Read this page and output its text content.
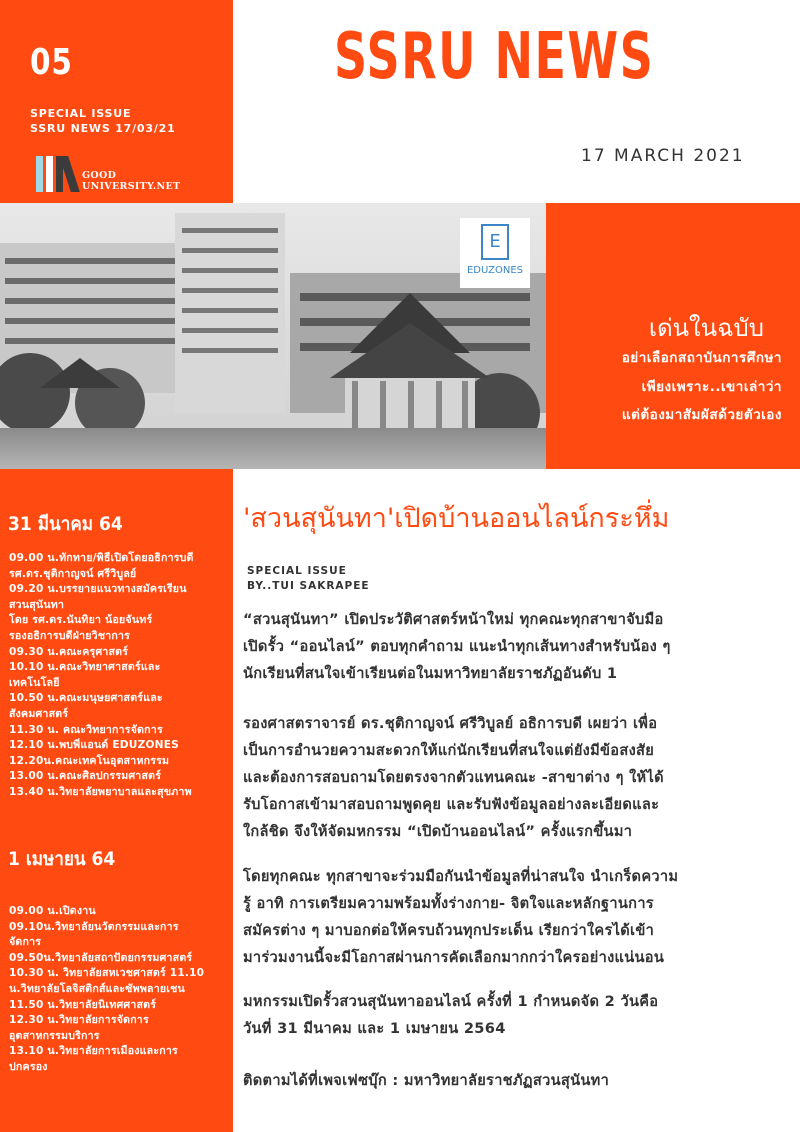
05
SPECIAL ISSUE
SSRU NEWS 17/03/21
GOOD
UNIVERSITY.NET
SSRU NEWS
17 MARCH 2021
E
EDUZONES
เด่นในฉบับ
อย่าเลือกสถาบันการศึกษา
เพียงเพราะ..เขาเล่าว่า
แต่ต้องมาสัมผัสด้วยตัวเอง
31 มีนาคม 64
09.00 น.ทักทาย/พิธีเปิดโดยอธิการบดี
รศ.ดร.ชุติกาญจน์ ศรีวิบูลย์
09.20 น.บรรยายแนวทางสมัครเรียน
สวนสุนันทา
โดย รศ.ดร.นันทิยา น้อยจันทร์
รองอธิการบดีฝ่ายวิชาการ
09.30 น.คณะครุศาสตร์
10.10 น.คณะวิทยาศาสตร์และ
เทคโนโลยี
10.50 น.คณะมนุษยศาสตร์และ
สังคมศาสตร์
11.30 น. คณะวิทยาการจัดการ
12.10 น.พบพี่แอนด์ EDUZONES
12.20น.คณะเทคโนอุตสาหกรรม
13.00 น.คณะศิลปกรรมศาสตร์
13.40 น.วิทยาลัยพยาบาลและสุขภาพ
1 เมษายน 64
09.00 น.เปิดงาน
09.10น.วิทยาลัยนวัตกรรมและการ
จัดการ
09.50น.วิทยาลัยสถาปัตยกรรมศาสตร์
10.30 น. วิทยาลัยสหเวชศาสตร์ 11.10
น.วิทยาลัยโลจิสติกส์และซัพพลายเชน
11.50 น.วิทยาลัยนิเทศศาสตร์
12.30 น.วิทยาลัยการจัดการ
อุตสาหกรรมบริการ
13.10 น.วิทยาลัยการเมืองและการ
ปกครอง
'สวนสุนันทา'เปิดบ้านออนไลน์กระหึ่ม
SPECIAL ISSUE
BY..TUI SAKRAPEE
“สวนสุนันทา” เปิดประวัติศาสตร์หน้าใหม่ ทุกคณะทุกสาขาจับมือ
เปิดรั้ว “ออนไลน์” ตอบทุกคำถาม แนะนำทุกเส้นทางสำหรับน้อง ๆ
นักเรียนที่สนใจเข้าเรียนต่อในมหาวิทยาลัยราชภัฏอันดับ 1
รองศาสตราจารย์ ดร.ชุติกาญจน์ ศรีวิบูลย์ อธิการบดี เผยว่า เพื่อ
เป็นการอำนวยความสะดวกให้แก่นักเรียนที่สนใจแต่ยังมีข้อสงสัย
และต้องการสอบถามโดยตรงจากตัวแทนคณะ -สาขาต่าง ๆ ให้ได้
รับโอกาสเข้ามาสอบถามพูดคุย และรับฟังข้อมูลอย่างละเอียดและ
ใกล้ชิด จึงให้จัดมหกรรม “เปิดบ้านออนไลน์” ครั้งแรกขึ้นมา
โดยทุกคณะ ทุกสาขาจะร่วมมือกันนำข้อมูลที่น่าสนใจ นำเกร็ดความ
รู้ อาทิ การเตรียมความพร้อมทั้งร่างกาย- จิตใจและหลักฐานการ
สมัครต่าง ๆ มาบอกต่อให้ครบถ้วนทุกประเด็น เรียกว่าใครได้เข้า
มาร่วมงานนี้จะมีโอกาสผ่านการคัดเลือกมากกว่าใครอย่างแน่นอน
มหกรรมเปิดรั้วสวนสุนันทาออนไลน์ ครั้งที่ 1 กำหนดจัด 2 วันคือ
วันที่ 31 มีนาคม และ 1 เมษายน 2564
ติดตามได้ที่เพจเฟซบุ๊ก : มหาวิทยาลัยราชภัฏสวนสุนันทา
